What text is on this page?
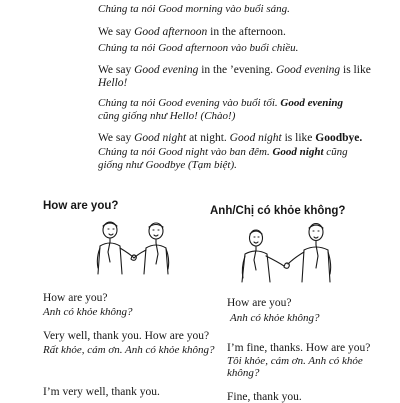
Chúng ta nói Good morning vào buổi sáng.
We say Good afternoon in the afternoon.
Chúng ta nói Good afternoon vào buổi chiều.
We say Good evening in the ’evening. Good evening is like
Hello!
Chúng ta nói Good evening vào buổi tối. Good evening
cũng giống như Hello! (Chào!)
We say Good night at night. Good night is like Goodbye.
Chúng ta nói Good night vào ban đêm. Good night cũng
giống như Goodbye (Tạm biệt).
How are you?	Anh/Chị có khỏe không?
How are you?
Anh có khỏe không?
Very well, thank you. How are you?
Rất khỏe, cám ơn. Anh có khỏe không?
I’m very well, thank you.
How are you?
Anh có khỏe không?
I’m fine, thanks. How are you?
Tôi khỏe, cám ơn. Anh có khỏe
không?
Fine, thank you.
